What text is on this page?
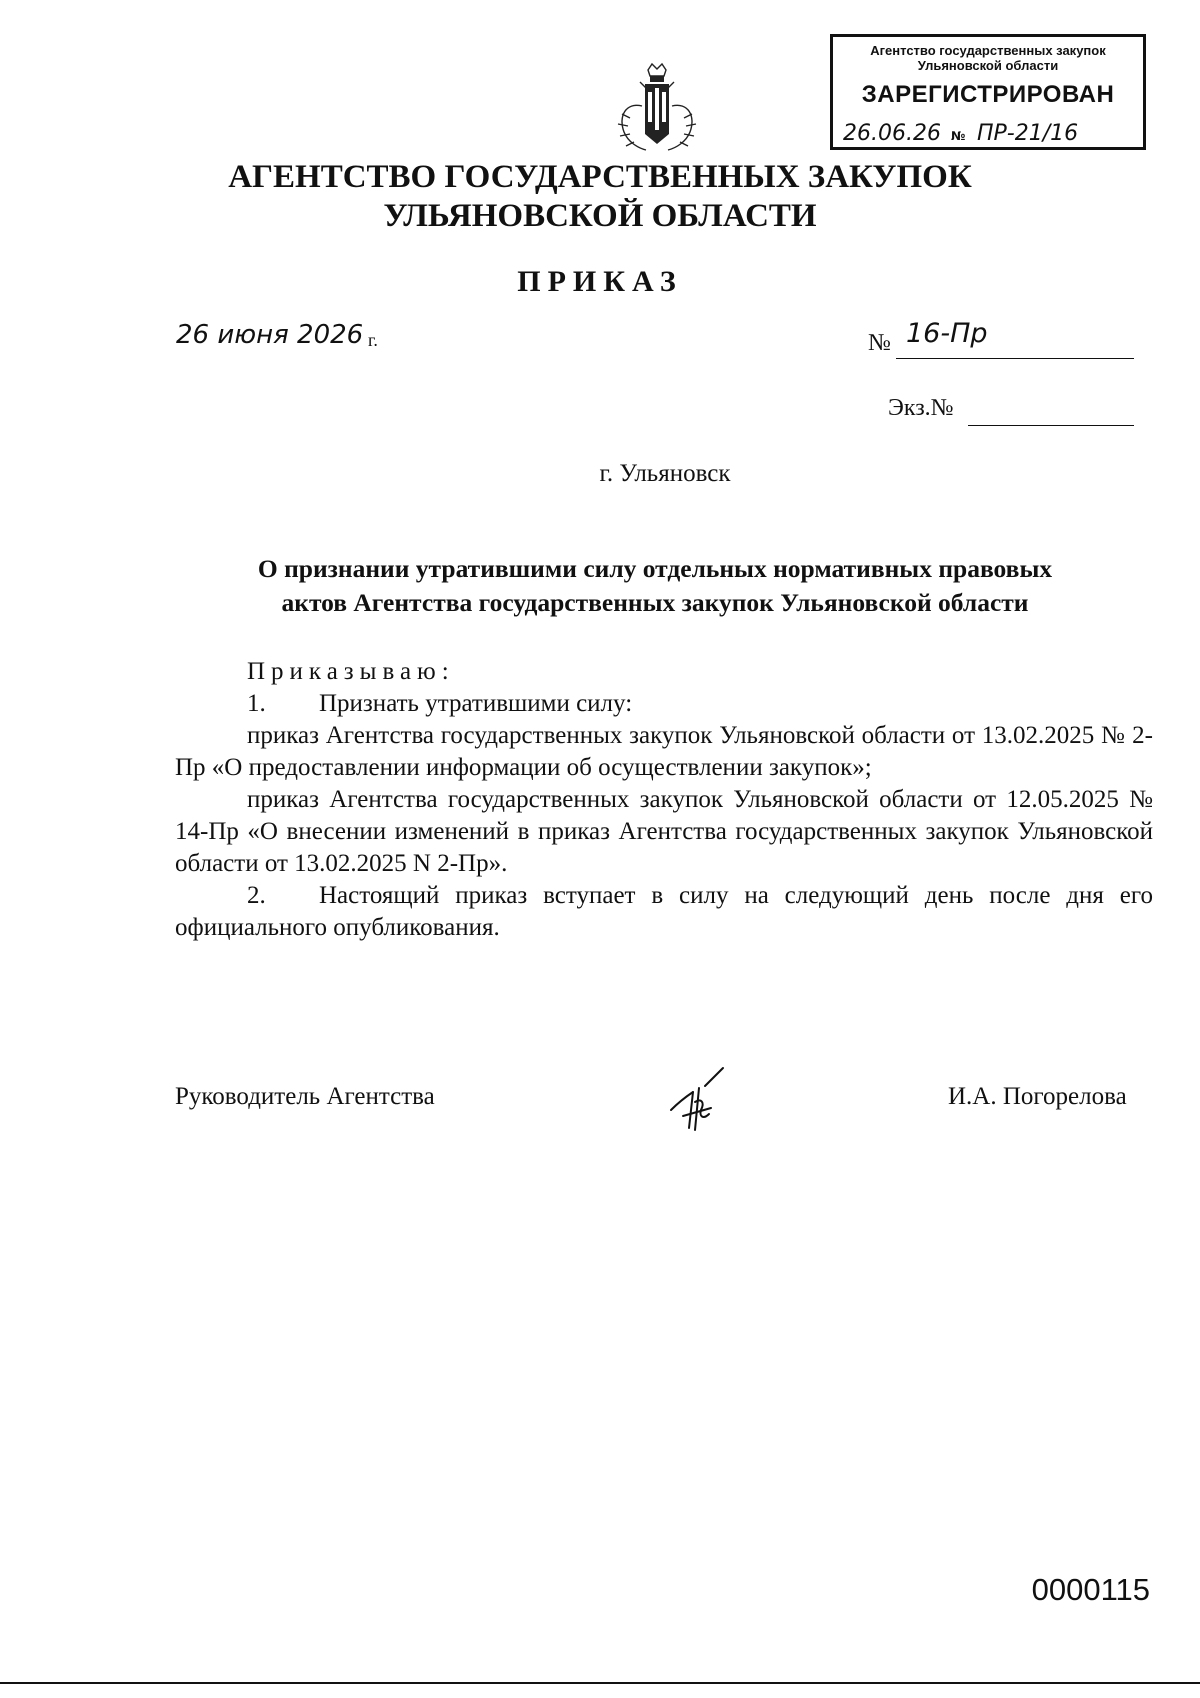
Агентство государственных закупок
Ульяновской области
ЗАРЕГИСТРИРОВАН
26.06.26 № ПР-21/16
АГЕНТСТВО ГОСУДАРСТВЕННЫХ ЗАКУПОК
УЛЬЯНОВСКОЙ ОБЛАСТИ
ПРИКАЗ
26 июня 2026 г.	№ 16-Пр
Экз.№
г. Ульяновск
О признании утратившими силу отдельных нормативных правовых
актов Агентства государственных закупок Ульяновской области

Приказываю:

1. Признать утратившими силу:

приказ Агентства государственных закупок Ульяновской области от 13.02.2025 № 2-Пр «О предоставлении информации об осуществлении закупок»;

приказ Агентства государственных закупок Ульяновской области от 12.05.2025 № 14-Пр «О внесении изменений в приказ Агентства государственных закупок Ульяновской области от 13.02.2025 N 2-Пр».

2. Настоящий приказ вступает в силу на следующий день после дня его официального опубликования.

Руководитель Агентства	И.А. Погорелова
0000115
